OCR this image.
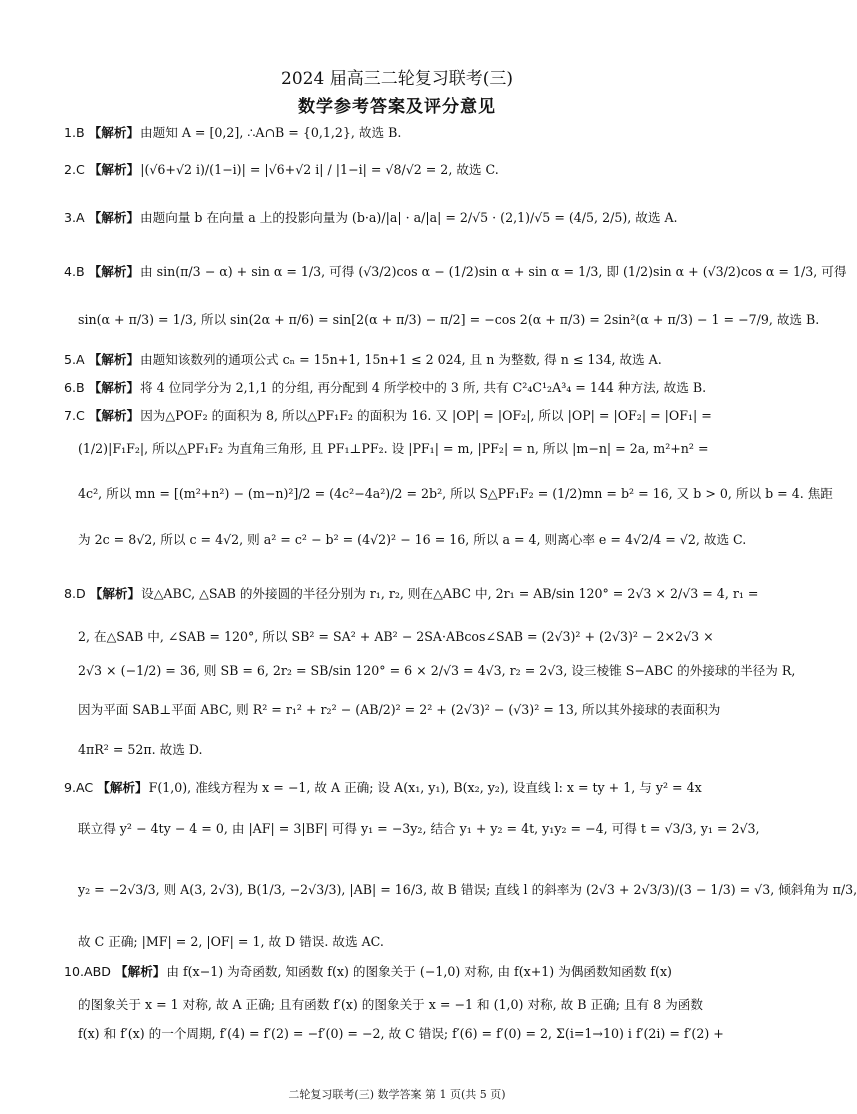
2024 届高三二轮复习联考(三)
数学参考答案及评分意见
1.B 【解析】由题知 A = [0,2], ∴A∩B = {0,1,2}, 故选 B.
2.C 【解析】|(√6+√2 i)/(1−i)| = |√6+√2 i| / |1−i| = √8/√2 = 2, 故选 C.
3.A 【解析】由题向量 b 在向量 a 上的投影向量为 (b·a)/|a| · a/|a| = 2/√5 · (2,1)/√5 = (4/5, 2/5), 故选 A.
4.B 【解析】由 sin(π/3 − α) + sin α = 1/3, 可得 (√3/2)cos α − (1/2)sin α + sin α = 1/3, 即 (1/2)sin α + (√3/2)cos α = 1/3, 可得
sin(α + π/3) = 1/3, 所以 sin(2α + π/6) = sin[2(α + π/3) − π/2] = −cos 2(α + π/3) = 2sin²(α + π/3) − 1 = −7/9, 故选 B.
5.A 【解析】由题知该数列的通项公式 cₙ = 15n+1, 15n+1 ≤ 2 024, 且 n 为整数, 得 n ≤ 134, 故选 A.
6.B 【解析】将 4 位同学分为 2,1,1 的分组, 再分配到 4 所学校中的 3 所, 共有 C²₄C¹₂A³₄ = 144 种方法, 故选 B.
7.C 【解析】因为△POF₂ 的面积为 8, 所以△PF₁F₂ 的面积为 16. 又 |OP| = |OF₂|, 所以 |OP| = |OF₂| = |OF₁| =
(1/2)|F₁F₂|, 所以△PF₁F₂ 为直角三角形, 且 PF₁⊥PF₂. 设 |PF₁| = m, |PF₂| = n, 所以 |m−n| = 2a, m²+n² =
4c², 所以 mn = [(m²+n²) − (m−n)²]/2 = (4c²−4a²)/2 = 2b², 所以 S△PF₁F₂ = (1/2)mn = b² = 16, 又 b > 0, 所以 b = 4. 焦距
为 2c = 8√2, 所以 c = 4√2, 则 a² = c² − b² = (4√2)² − 16 = 16, 所以 a = 4, 则离心率 e = 4√2/4 = √2, 故选 C.
8.D 【解析】设△ABC, △SAB 的外接圆的半径分别为 r₁, r₂, 则在△ABC 中, 2r₁ = AB/sin 120° = 2√3 × 2/√3 = 4, r₁ =
2, 在△SAB 中, ∠SAB = 120°, 所以 SB² = SA² + AB² − 2SA·ABcos∠SAB = (2√3)² + (2√3)² − 2×2√3 ×
2√3 × (−1/2) = 36, 则 SB = 6, 2r₂ = SB/sin 120° = 6 × 2/√3 = 4√3, r₂ = 2√3, 设三棱锥 S−ABC 的外接球的半径为 R,
因为平面 SAB⊥平面 ABC, 则 R² = r₁² + r₂² − (AB/2)² = 2² + (2√3)² − (√3)² = 13, 所以其外接球的表面积为
4πR² = 52π. 故选 D.
9.AC 【解析】F(1,0), 准线方程为 x = −1, 故 A 正确; 设 A(x₁, y₁), B(x₂, y₂), 设直线 l: x = ty + 1, 与 y² = 4x
联立得 y² − 4ty − 4 = 0, 由 |AF| = 3|BF| 可得 y₁ = −3y₂, 结合 y₁ + y₂ = 4t, y₁y₂ = −4, 可得 t = √3/3, y₁ = 2√3,
y₂ = −2√3/3, 则 A(3, 2√3), B(1/3, −2√3/3), |AB| = 16/3, 故 B 错误; 直线 l 的斜率为 (2√3 + 2√3/3)/(3 − 1/3) = √3, 倾斜角为 π/3,
故 C 正确; |MF| = 2, |OF| = 1, 故 D 错误. 故选 AC.
10.ABD 【解析】由 f(x−1) 为奇函数, 知函数 f(x) 的图象关于 (−1,0) 对称, 由 f(x+1) 为偶函数知函数 f(x)
的图象关于 x = 1 对称, 故 A 正确; 且有函数 f′(x) 的图象关于 x = −1 和 (1,0) 对称, 故 B 正确; 且有 8 为函数
f(x) 和 f′(x) 的一个周期, f′(4) = f′(2) = −f′(0) = −2, 故 C 错误; f′(6) = f′(0) = 2, Σ(i=1→10) i f′(2i) = f′(2) +
二轮复习联考(三) 数学答案 第 1 页(共 5 页)
